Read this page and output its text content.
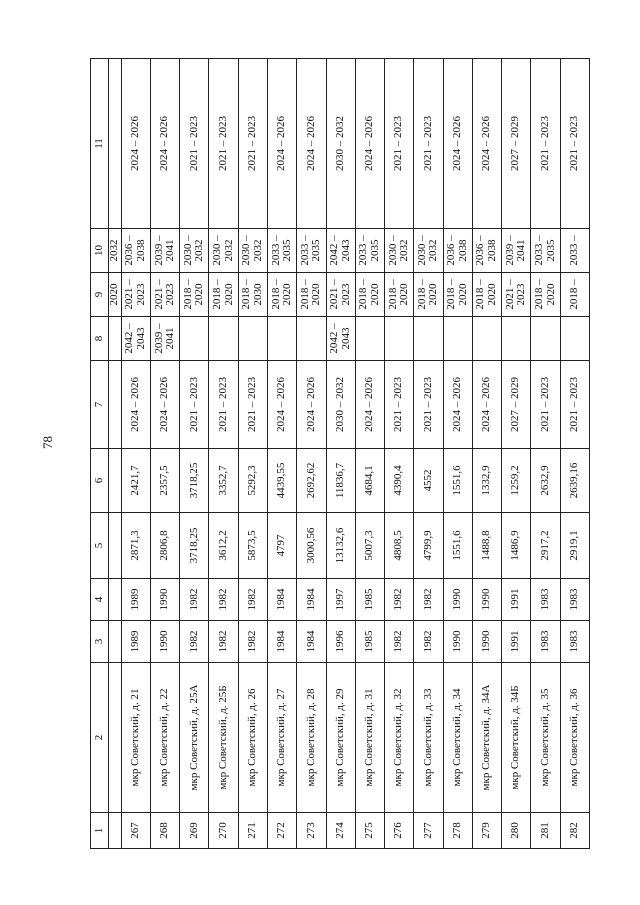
78
1	2	3	4	5	6	7	8	9	10	11
								2020	2032	
267	мкр Советский, д. 21	1989	1989	2871,3	2421,7	2024 – 2026	2042 – 2043	2021 – 2023	2036 – 2038	2024 – 2026
268	мкр Советский, д. 22	1990	1990	2806,8	2357,5	2024 – 2026	2039 – 2041	2021 – 2023	2039 – 2041	2024 – 2026
269	мкр Советский, д. 25А	1982	1982	3718,25	3718,25	2021 – 2023		2018 – 2020	2030 – 2032	2021 – 2023
270	мкр Советский, д. 25Б	1982	1982	3612,2	3352,7	2021 – 2023		2018 – 2020	2030 – 2032	2021 – 2023
271	мкр Советский, д. 26	1982	1982	5873,5	5292,3	2021 – 2023		2018 – 2030	2030 – 2032	2021 – 2023
272	мкр Советский, д. 27	1984	1984	4797	4439,55	2024 – 2026		2018 – 2020	2033 – 2035	2024 – 2026
273	мкр Советский, д. 28	1984	1984	3000,56	2692,62	2024 – 2026		2018 – 2020	2033 – 2035	2024 – 2026
274	мкр Советский, д. 29	1996	1997	13132,6	11836,7	2030 – 2032	2042 – 2043	2021 – 2023	2042 – 2043	2030 – 2032
275	мкр Советский, д. 31	1985	1985	5007,3	4684,1	2024 – 2026		2018 – 2020	2033 – 2035	2024 – 2026
276	мкр Советский, д. 32	1982	1982	4808,5	4390,4	2021 – 2023		2018 – 2020	2030 – 2032	2021 – 2023
277	мкр Советский, д. 33	1982	1982	4799,9	4552	2021 – 2023		2018 – 2020	2030 – 2032	2021 – 2023
278	мкр Советский, д. 34	1990	1990	1551,6	1551,6	2024 – 2026		2018 – 2020	2036 – 2038	2024 – 2026
279	мкр Советский, д. 34А	1990	1990	1488,8	1332,9	2024 – 2026		2018 – 2020	2036 – 2038	2024 – 2026
280	мкр Советский, д. 34Б	1991	1991	1486,9	1259,2	2027 – 2029		2021 – 2023	2039 – 2041	2027 – 2029
281	мкр Советский, д. 35	1983	1983	2917,2	2632,9	2021 – 2023		2018 – 2020	2033 – 2035	2021 – 2023
282	мкр Советский, д. 36	1983	1983	2919,1	2639,16	2021 – 2023		2018 –	2033 –	2021 – 2023
